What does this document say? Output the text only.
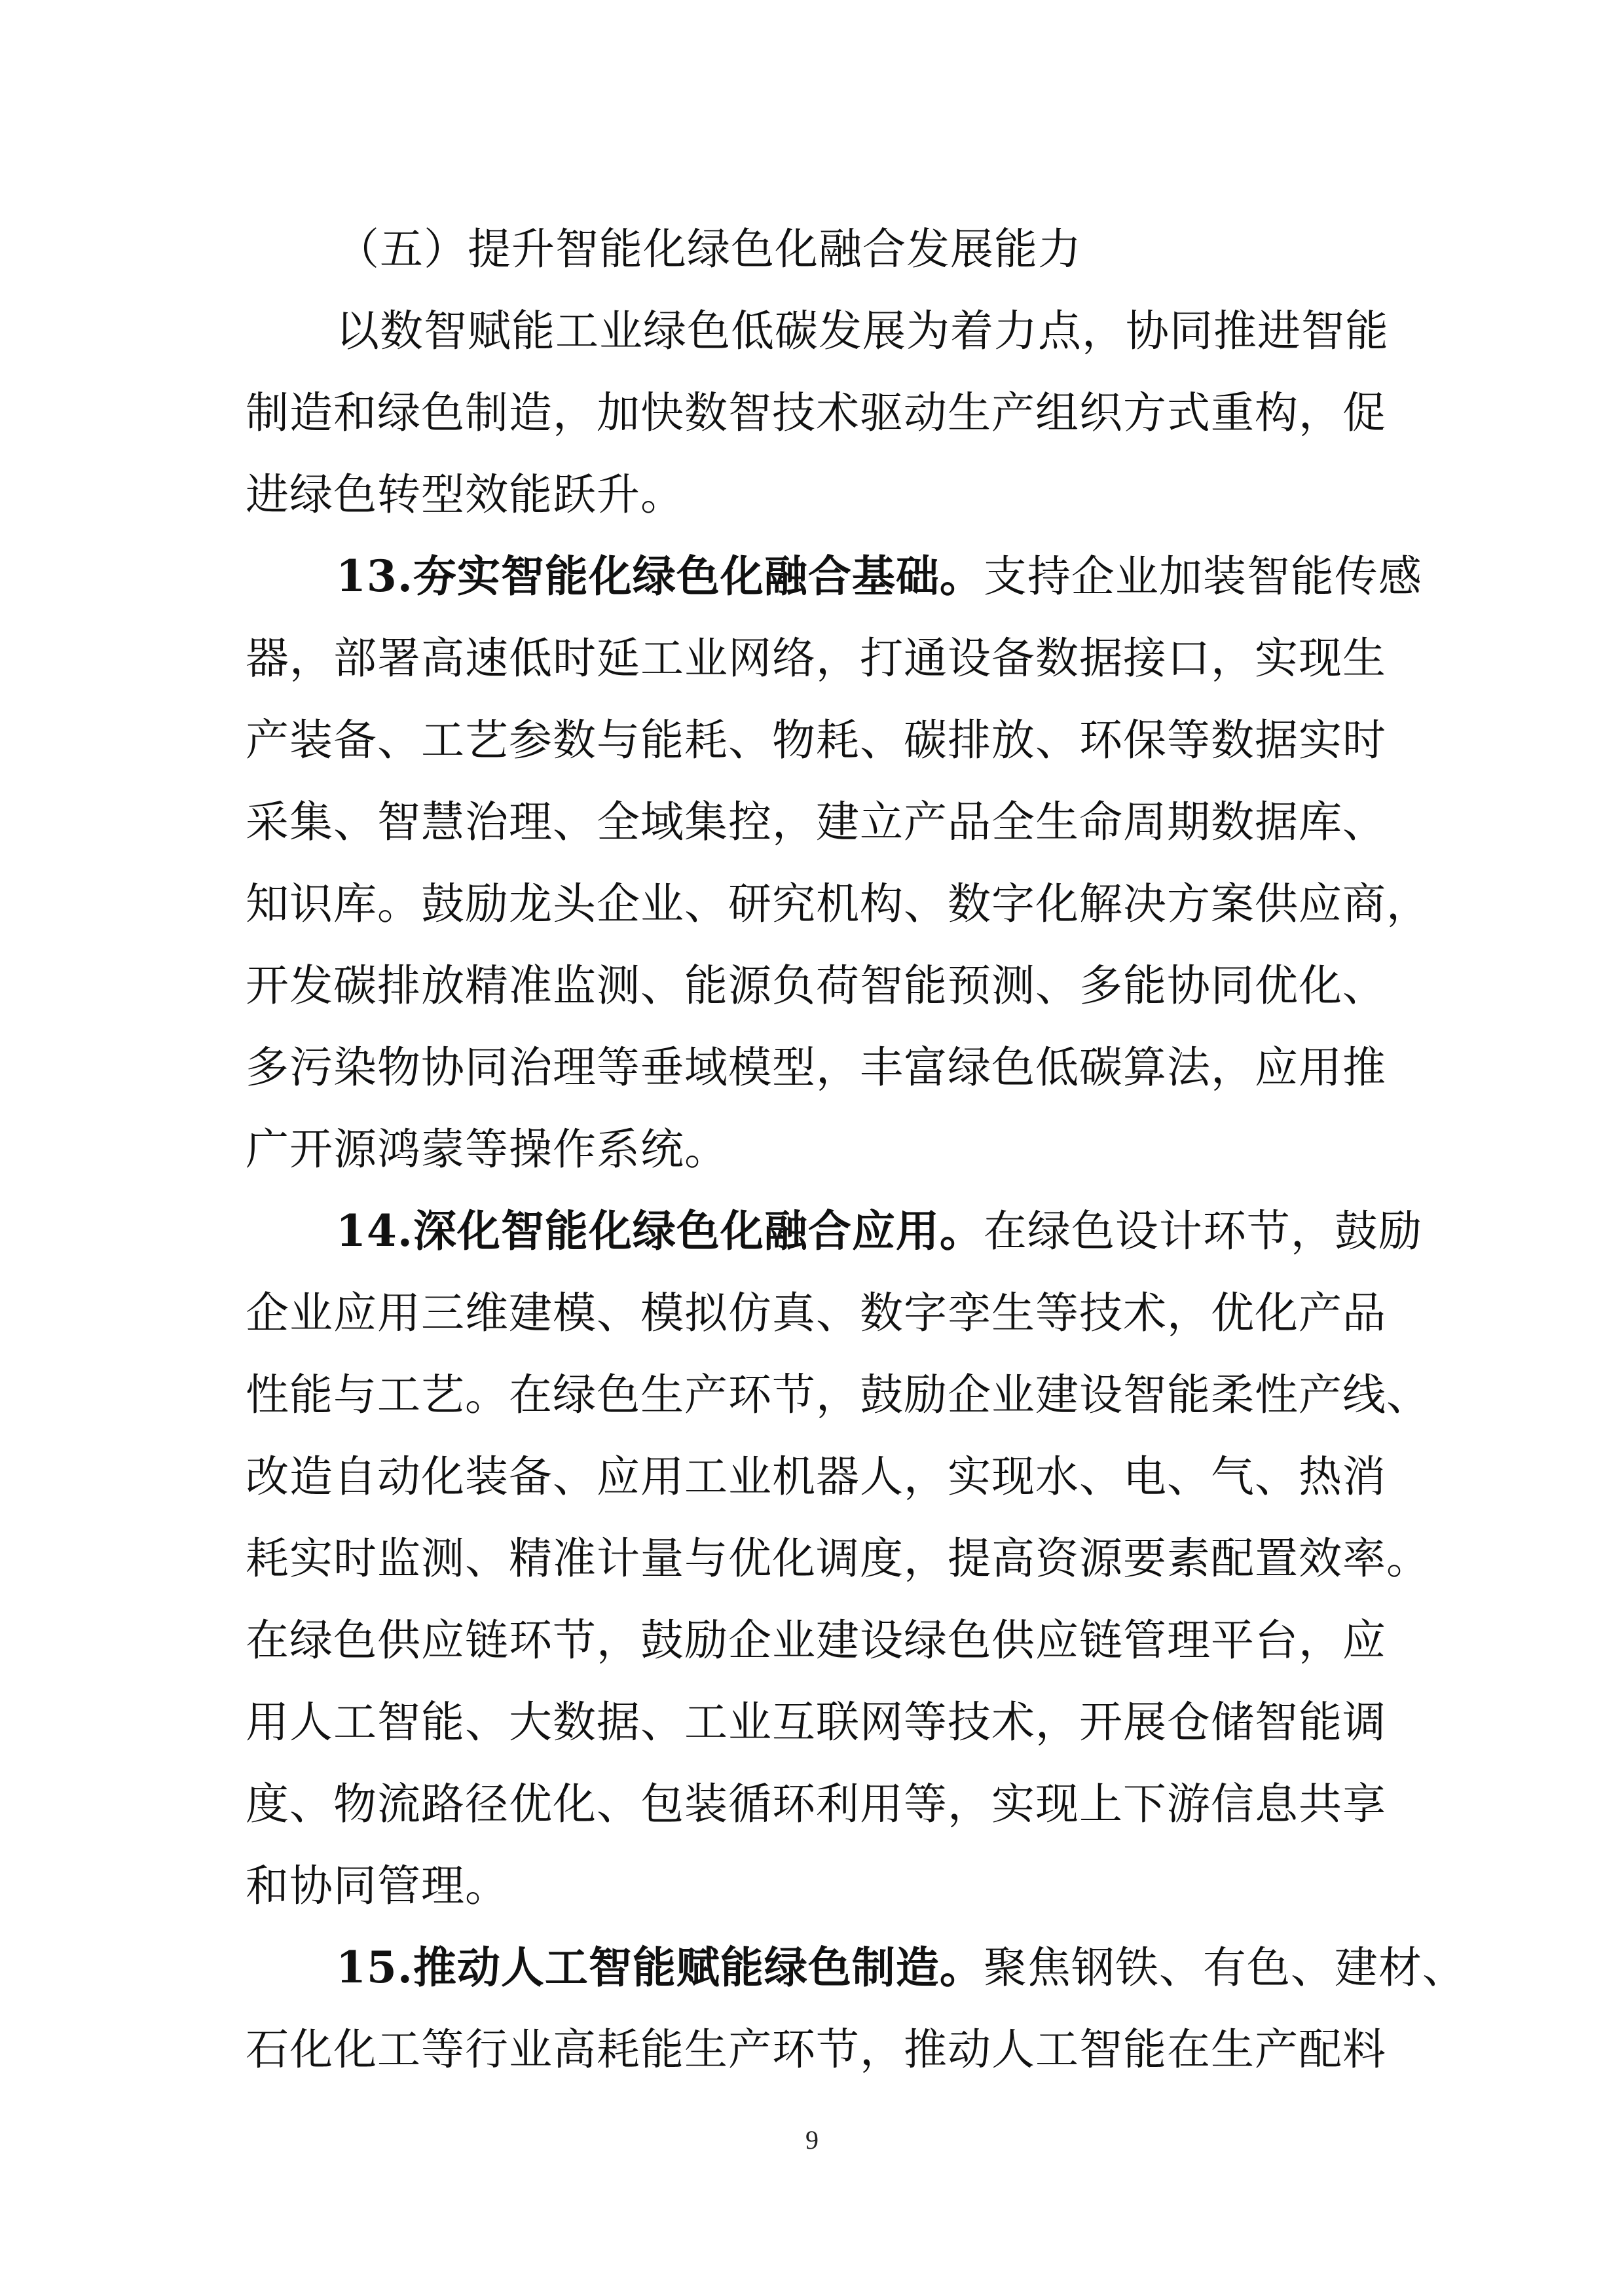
（五）提升智能化绿色化融合发展能力
以数智赋能工业绿色低碳发展为着力点，协同推进智能
制造和绿色制造，加快数智技术驱动生产组织方式重构，促
进绿色转型效能跃升。
13.夯实智能化绿色化融合基础。支持企业加装智能传感
器，部署高速低时延工业网络，打通设备数据接口，实现生
产装备、工艺参数与能耗、物耗、碳排放、环保等数据实时
采集、智慧治理、全域集控，建立产品全生命周期数据库、
知识库。鼓励龙头企业、研究机构、数字化解决方案供应商，
开发碳排放精准监测、能源负荷智能预测、多能协同优化、
多污染物协同治理等垂域模型，丰富绿色低碳算法，应用推
广开源鸿蒙等操作系统。
14.深化智能化绿色化融合应用。在绿色设计环节，鼓励
企业应用三维建模、模拟仿真、数字孪生等技术，优化产品
性能与工艺。在绿色生产环节，鼓励企业建设智能柔性产线、
改造自动化装备、应用工业机器人，实现水、电、气、热消
耗实时监测、精准计量与优化调度，提高资源要素配置效率。
在绿色供应链环节，鼓励企业建设绿色供应链管理平台，应
用人工智能、大数据、工业互联网等技术，开展仓储智能调
度、物流路径优化、包装循环利用等，实现上下游信息共享
和协同管理。
15.推动人工智能赋能绿色制造。聚焦钢铁、有色、建材、
石化化工等行业高耗能生产环节，推动人工智能在生产配料
9
